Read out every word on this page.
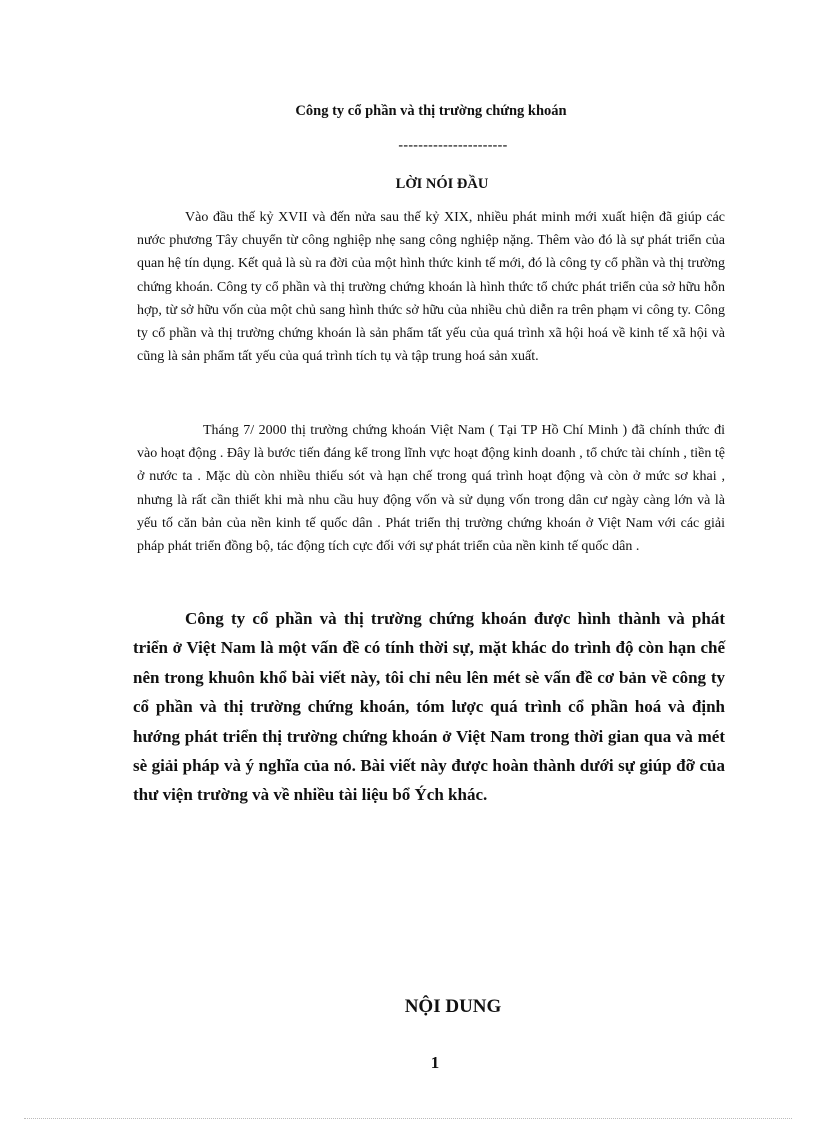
Công ty cổ phần và thị trường chứng khoán
----------------------
LỜI NÓI ĐẦU

Vào đầu thế kỷ XVII và đến nửa sau thế kỷ XIX, nhiều phát minh mới xuất hiện đã giúp các nước phương Tây chuyển từ công nghiệp nhẹ sang công nghiệp nặng. Thêm vào đó là sự phát triển của quan hệ tín dụng. Kết quả là sù ra đời của một hình thức kinh tế mới, đó là công ty cổ phần và thị trường chứng khoán. Công ty cổ phần và thị trường chứng khoán là hình thức tổ chức phát triển của sở hữu hỗn hợp, từ sở hữu vốn của một chủ sang hình thức sở hữu của nhiều chủ diễn ra trên phạm vi công ty. Công ty cổ phần và thị trường chứng khoán là sản phẩm tất yếu của quá trình xã hội hoá về kinh tế xã hội và cũng là sản phẩm tất yếu của quá trình tích tụ và tập trung hoá sản xuất.

Tháng 7/ 2000 thị trường chứng khoán Việt Nam ( Tại TP Hồ Chí Minh ) đã chính thức đi vào hoạt động . Đây là bước tiến đáng kể trong lĩnh vực hoạt động kinh doanh , tổ chức tài chính , tiền tệ ở nước ta . Mặc dù còn nhiều thiếu sót và hạn chế trong quá trình hoạt động và còn ở mức sơ khai , nhưng là rất cần thiết khi mà nhu cầu huy động vốn và sử dụng vốn trong dân cư ngày càng lớn và là yếu tố căn bản của nền kinh tế quốc dân . Phát triển thị trường chứng khoán ở Việt Nam với các giải pháp phát triển đồng bộ, tác động tích cực đối với sự phát triển của nền kinh tế quốc dân .

Công ty cổ phần và thị trường chứng khoán được hình thành và phát triển ở Việt Nam là một vấn đề có tính thời sự, mặt khác do trình độ còn hạn chế nên trong khuôn khổ bài viết này, tôi chỉ nêu lên mét sè vấn đề cơ bản về công ty cổ phần và thị trường chứng khoán, tóm lược quá trình cổ phần hoá và định hướng phát triển thị trường chứng khoán ở Việt Nam trong thời gian qua và mét sè giải pháp và ý nghĩa của nó. Bài viết này được hoàn thành dưới sự giúp đỡ của thư viện trường và về nhiều tài liệu bổ Ých khác.

NỘI DUNG
1
